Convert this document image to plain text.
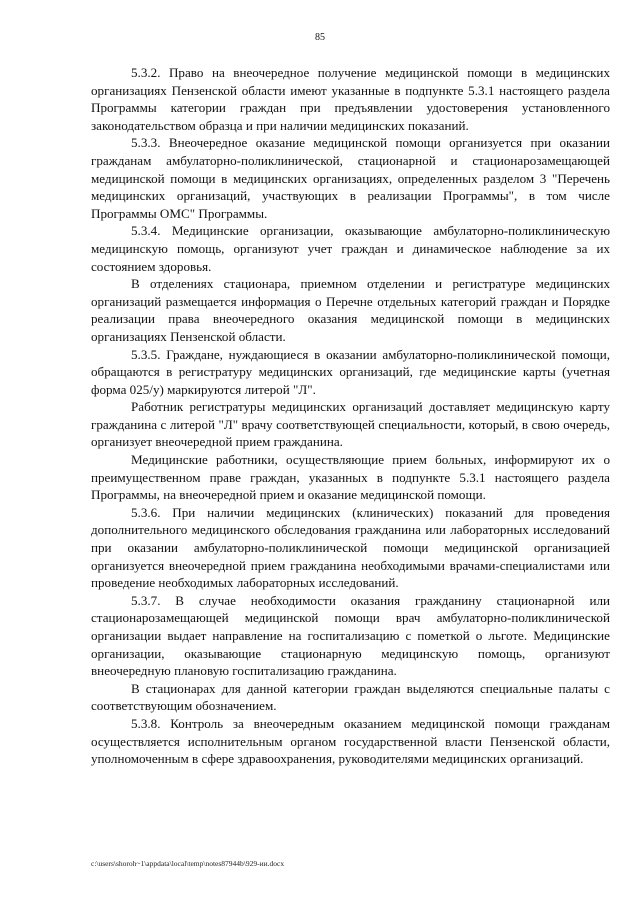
85

5.3.2. Право на внеочередное получение медицинской помощи в медицинских организациях Пензенской области имеют указанные в подпункте 5.3.1 настоящего раздела Программы категории граждан при предъявлении удостоверения установленного законодательством образца и при наличии медицинских показаний.

5.3.3. Внеочередное оказание медицинской помощи организуется при оказании гражданам амбулаторно-поликлинической, стационарной и стационарозамещающей медицинской помощи в медицинских организациях, определенных разделом 3 "Перечень медицинских организаций, участвующих в реализации Программы", в том числе Программы ОМС" Программы.

5.3.4. Медицинские организации, оказывающие амбулаторно-поликлиническую медицинскую помощь, организуют учет граждан и динамическое наблюдение за их состоянием здоровья.

В отделениях стационара, приемном отделении и регистратуре медицинских организаций размещается информация о Перечне отдельных категорий граждан и Порядке реализации права внеочередного оказания медицинской помощи в медицинских организациях Пензенской области.

5.3.5. Граждане, нуждающиеся в оказании амбулаторно-поликлинической помощи, обращаются в регистратуру медицинских организаций, где медицинские карты (учетная форма 025/у) маркируются литерой "Л".

Работник регистратуры медицинских организаций доставляет медицинскую карту гражданина с литерой "Л" врачу соответствующей специальности, который, в свою очередь, организует внеочередной прием гражданина.

Медицинские работники, осуществляющие прием больных, информируют их о преимущественном праве граждан, указанных в подпункте 5.3.1 настоящего раздела Программы, на внеочередной прием и оказание медицинской помощи.

5.3.6. При наличии медицинских (клинических) показаний для проведения дополнительного медицинского обследования гражданина или лабораторных исследований при оказании амбулаторно-поликлинической помощи медицинской организацией организуется внеочередной прием гражданина необходимыми врачами-специалистами или проведение необходимых лабораторных исследований.

5.3.7. В случае необходимости оказания гражданину стационарной или стационарозамещающей медицинской помощи врач амбулаторно-поликлинической организации выдает направление на госпитализацию с пометкой о льготе. Медицинские организации, оказывающие стационарную медицинскую помощь, организуют внеочередную плановую госпитализацию гражданина.

В стационарах для данной категории граждан выделяются специальные палаты с соответствующим обозначением.

5.3.8. Контроль за внеочередным оказанием медицинской помощи гражданам осуществляется исполнительным органом государственной власти Пензенской области, уполномоченным в сфере здравоохранения, руководителями медицинских организаций.

c:\users\shoroh~1\appdata\local\temp\notes87944b\929-ии.docx
